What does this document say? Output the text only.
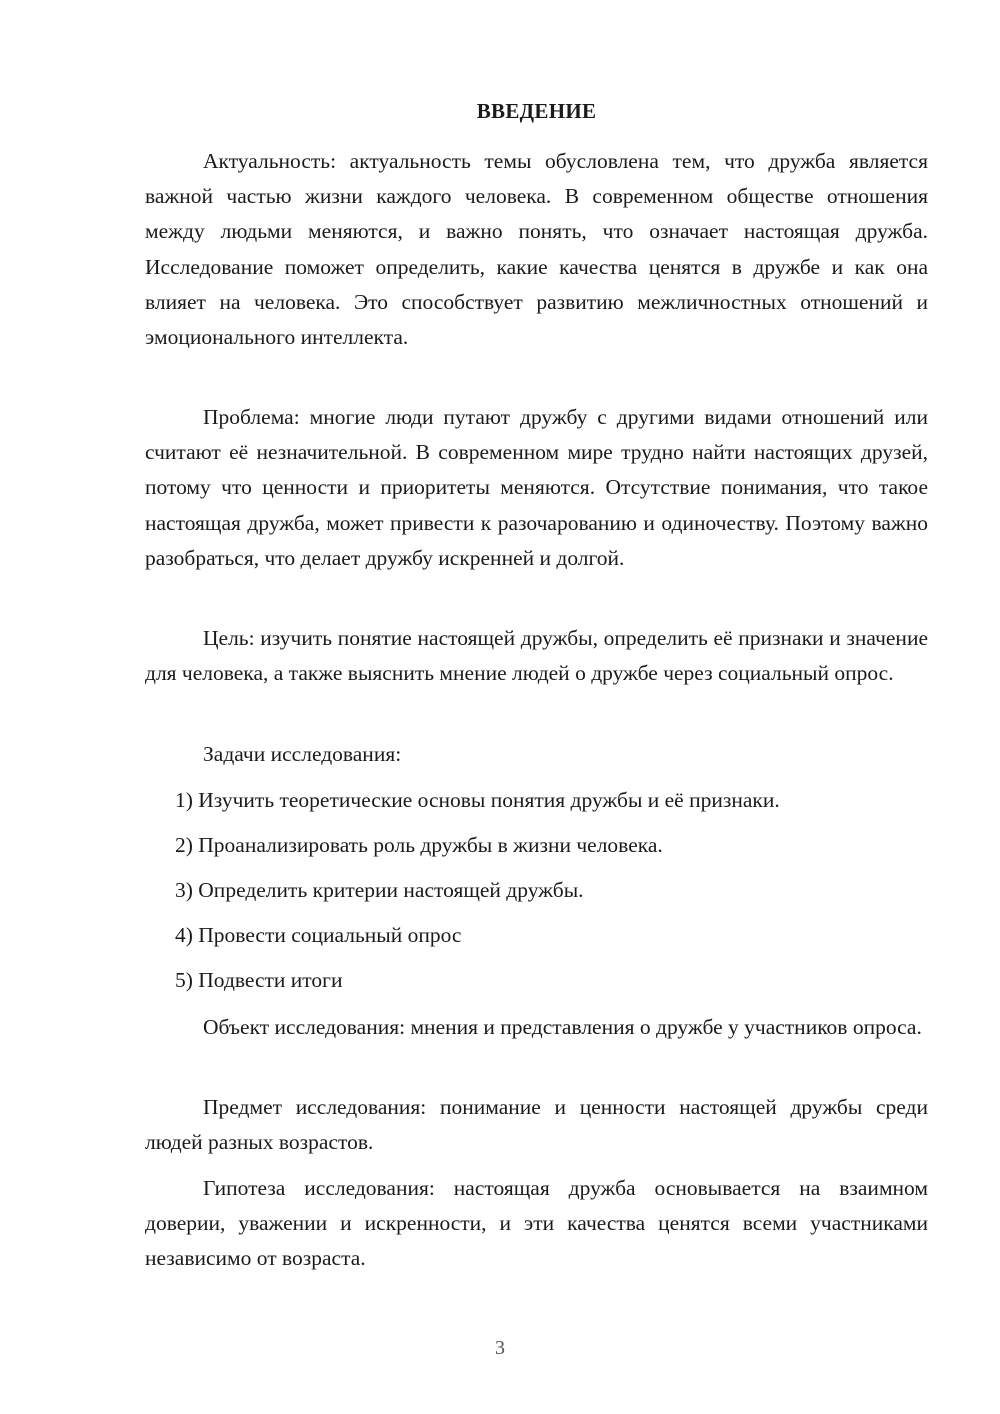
ВВЕДЕНИЕ

Актуальность: актуальность темы обусловлена тем, что дружба является важной частью жизни каждого человека. В современном обществе отношения между людьми меняются, и важно понять, что означает настоящая дружба. Исследование поможет определить, какие качества ценятся в дружбе и как она влияет на человека. Это способствует развитию межличностных отношений и эмоционального интеллекта.

Проблема: многие люди путают дружбу с другими видами отношений или считают её незначительной. В современном мире трудно найти настоящих друзей, потому что ценности и приоритеты меняются. Отсутствие понимания, что такое настоящая дружба, может привести к разочарованию и одиночеству. Поэтому важно разобраться, что делает дружбу искренней и долгой.

Цель: изучить понятие настоящей дружбы, определить её признаки и значение для человека, а также выяснить мнение людей о дружбе через социальный опрос.

Задачи исследования:

1) Изучить теоретические основы понятия дружбы и её признаки.

2) Проанализировать роль дружбы в жизни человека.

3) Определить критерии настоящей дружбы.

4) Провести социальный опрос

5) Подвести итоги

Объект исследования: мнения и представления о дружбе у участников опроса.

Предмет исследования: понимание и ценности настоящей дружбы среди людей разных возрастов.

Гипотеза исследования: настоящая дружба основывается на взаимном доверии, уважении и искренности, и эти качества ценятся всеми участниками независимо от возраста.

3
